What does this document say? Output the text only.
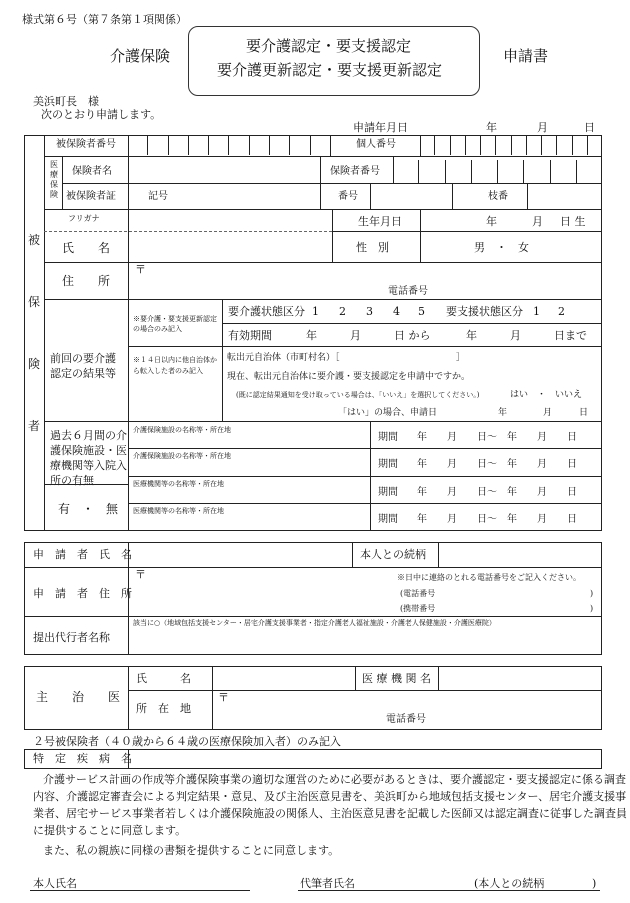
様式第６号（第７条第１項関係）
介護保険
要介護認定・要支援認定
要介護更新認定・要支援更新認定
申請書
美浜町長　様
次のとおり申請します。
申請年月日	年	月	日
被
保
険
者
被保険者番号	個人番号
医療保険
保険者名	保険者番号
被保険者証	記号	番号	枝番
フリガナ
氏　　名
生年月日	年	月 日 生
性　別	男　・　女
住　　所
〒
電話番号
前回の要介護認定の結果等
※要介護・要支援更新認定の場合のみ記入
要介護状態区分 1 2 3 4 5 要支援状態区分 1 2
有効期間	年　　　月　　　日 から	年　　　月　　　日まで
※１４日以内に他自治体から転入した者のみ記入
転出元自治体（市町村名）［	］
現在、転出元自治体に要介護・要支援認定を申請中ですか。
(既に認定結果通知を受け取っている場合は、「いいえ」を選択してください。)	はい　・　いいえ
「はい」の場合、申請日	年　　　　月　　　日
過去６月間の介護保険施設・医療機関等入院入所の有無
有　・　無
介護保険施設の名称等・所在地
期間 年　　月　　日〜　年　　月　　日
介護保険施設の名称等・所在地
期間 年　　月　　日〜　年　　月　　日
医療機関等の名称等・所在地
期間 年　　月　　日〜　年　　月　　日
医療機関等の名称等・所在地
期間 年　　月　　日〜　年　　月　　日
申　請　者　氏　名	本人との続柄
申　請　者　住　所
〒	※日中に連絡のとれる電話番号をご記入ください。
(電話番号	)
(携帯番号	)
提出代行者名称
該当に○（地域包括支援センター・居宅介護支援事業者・指定介護老人福祉施設・介護老人保健施設・介護医療院）
主　　治　　医
氏　　　名	医 療 機 関 名
所　在　地
〒
電話番号
２号被保険者（４０歳から６４歳の医療保険加入者）のみ記入
特　定　疾　病　名
介護サービス計画の作成等介護保険事業の適切な運営のために必要があるときは、要介護認定・要支援認定に係る調査
内容、介護認定審査会による判定結果・意見、及び主治医意見書を、美浜町から地域包括支援センター、居宅介護支援事
業者、居宅サービス事業者若しくは介護保険施設の関係人、主治医意見書を記載した医師又は認定調査に従事した調査員
に提供することに同意します。
また、私の親族に同様の書類を提供することに同意します。
本人氏名	代筆者氏名	(本人との続柄	)
